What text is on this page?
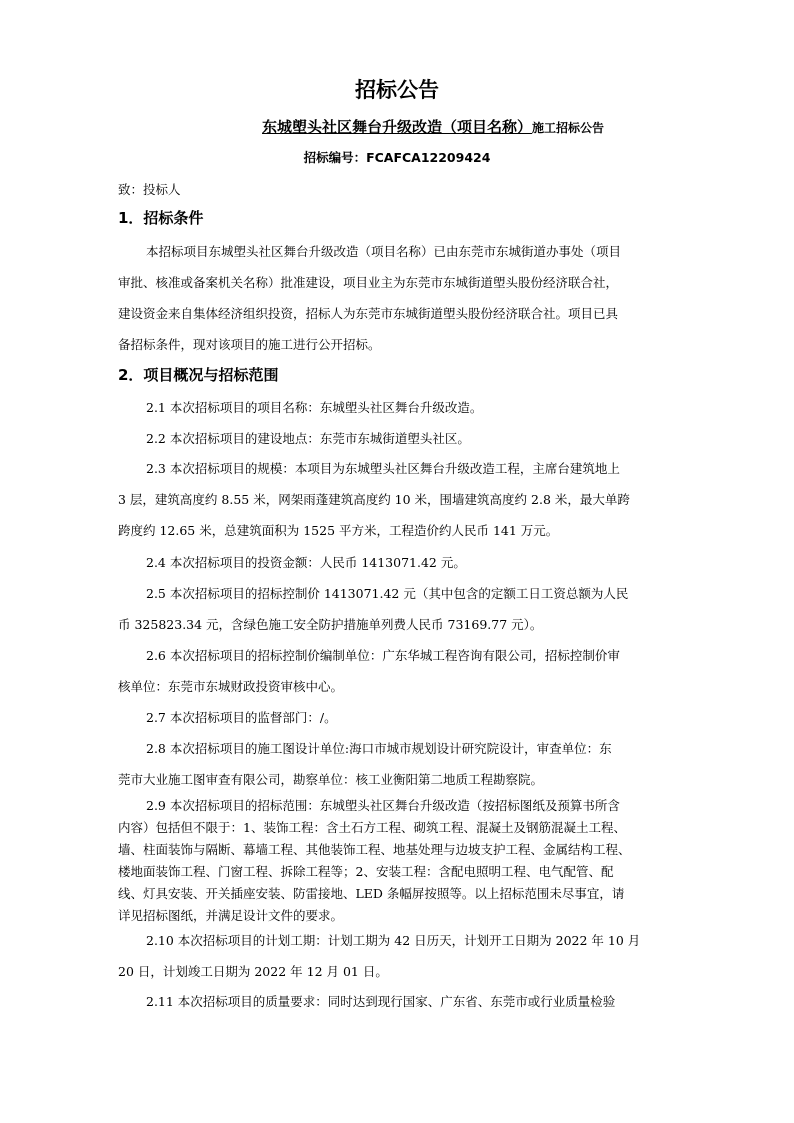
招标公告
东城塱头社区舞台升级改造（项目名称）施工招标公告
招标编号：FCAFCA12209424
致：投标人
1．招标条件
本招标项目东城塱头社区舞台升级改造（项目名称）已由东莞市东城街道办事处（项目
审批、核准或备案机关名称）批准建设，项目业主为东莞市东城街道塱头股份经济联合社，
建设资金来自集体经济组织投资，招标人为东莞市东城街道塱头股份经济联合社。项目已具
备招标条件，现对该项目的施工进行公开招标。
2．项目概况与招标范围
2.1 本次招标项目的项目名称：东城塱头社区舞台升级改造。
2.2 本次招标项目的建设地点：东莞市东城街道塱头社区。
2.3 本次招标项目的规模：本项目为东城塱头社区舞台升级改造工程，主席台建筑地上
3 层，建筑高度约 8.55 米，网架雨蓬建筑高度约 10 米，围墙建筑高度约 2.8 米，最大单跨
跨度约 12.65 米，总建筑面积为 1525 平方米，工程造价约人民币 141 万元。
2.4 本次招标项目的投资金额：人民币 1413071.42 元。
2.5 本次招标项目的招标控制价 1413071.42 元（其中包含的定额工日工资总额为人民
币 325823.34 元，含绿色施工安全防护措施单列费人民币 73169.77 元）。
2.6 本次招标项目的招标控制价编制单位：广东华城工程咨询有限公司，招标控制价审
核单位：东莞市东城财政投资审核中心。
2.7 本次招标项目的监督部门：/。
2.8 本次招标项目的施工图设计单位:海口市城市规划设计研究院设计，审查单位：东
莞市大业施工图审查有限公司，勘察单位：核工业衡阳第二地质工程勘察院。
2.9 本次招标项目的招标范围：东城塱头社区舞台升级改造（按招标图纸及预算书所含
内容）包括但不限于：1、装饰工程：含土石方工程、砌筑工程、混凝土及钢筋混凝土工程、
墙、柱面装饰与隔断、幕墙工程、其他装饰工程、地基处理与边坡支护工程、金属结构工程、
楼地面装饰工程、门窗工程、拆除工程等；2、安装工程：含配电照明工程、电气配管、配
线、灯具安装、开关插座安装、防雷接地、LED 条幅屏按照等。以上招标范围未尽事宜，请
详见招标图纸，并满足设计文件的要求。
2.10 本次招标项目的计划工期：计划工期为 42 日历天，计划开工日期为 2022 年 10 月
20 日，计划竣工日期为 2022 年 12 月 01 日。
2.11 本次招标项目的质量要求：同时达到现行国家、广东省、东莞市或行业质量检验
